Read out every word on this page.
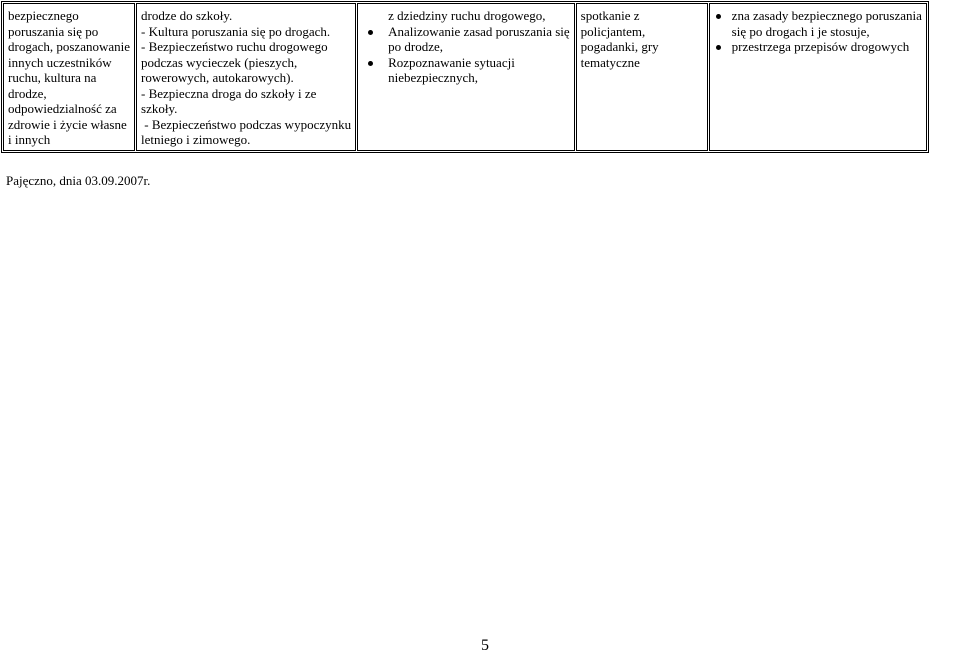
bezpiecznego
poruszania się po
drogach, poszanowanie
innych uczestników
ruchu, kultura na
drodze,
odpowiedzialność za
zdrowie i życie własne
i innych

drodze do szkoły.
- Kultura poruszania się po drogach.
- Bezpieczeństwo ruchu drogowego
podczas wycieczek (pieszych,
rowerowych, autokarowych).
- Bezpieczna droga do szkoły i ze
szkoły.
- Bezpieczeństwo podczas wypoczynku
letniego i zimowego.

z dziedziny ruchu drogowego,
Analizowanie zasad poruszania się
po drodze,
Rozpoznawanie sytuacji
niebezpiecznych,

spotkanie z
policjantem,
pogadanki, gry
tematyczne

zna zasady bezpiecznego poruszania
się po drogach i je stosuje,
przestrzega przepisów drogowych
Pajęczno, dnia 03.09.2007r.
5
